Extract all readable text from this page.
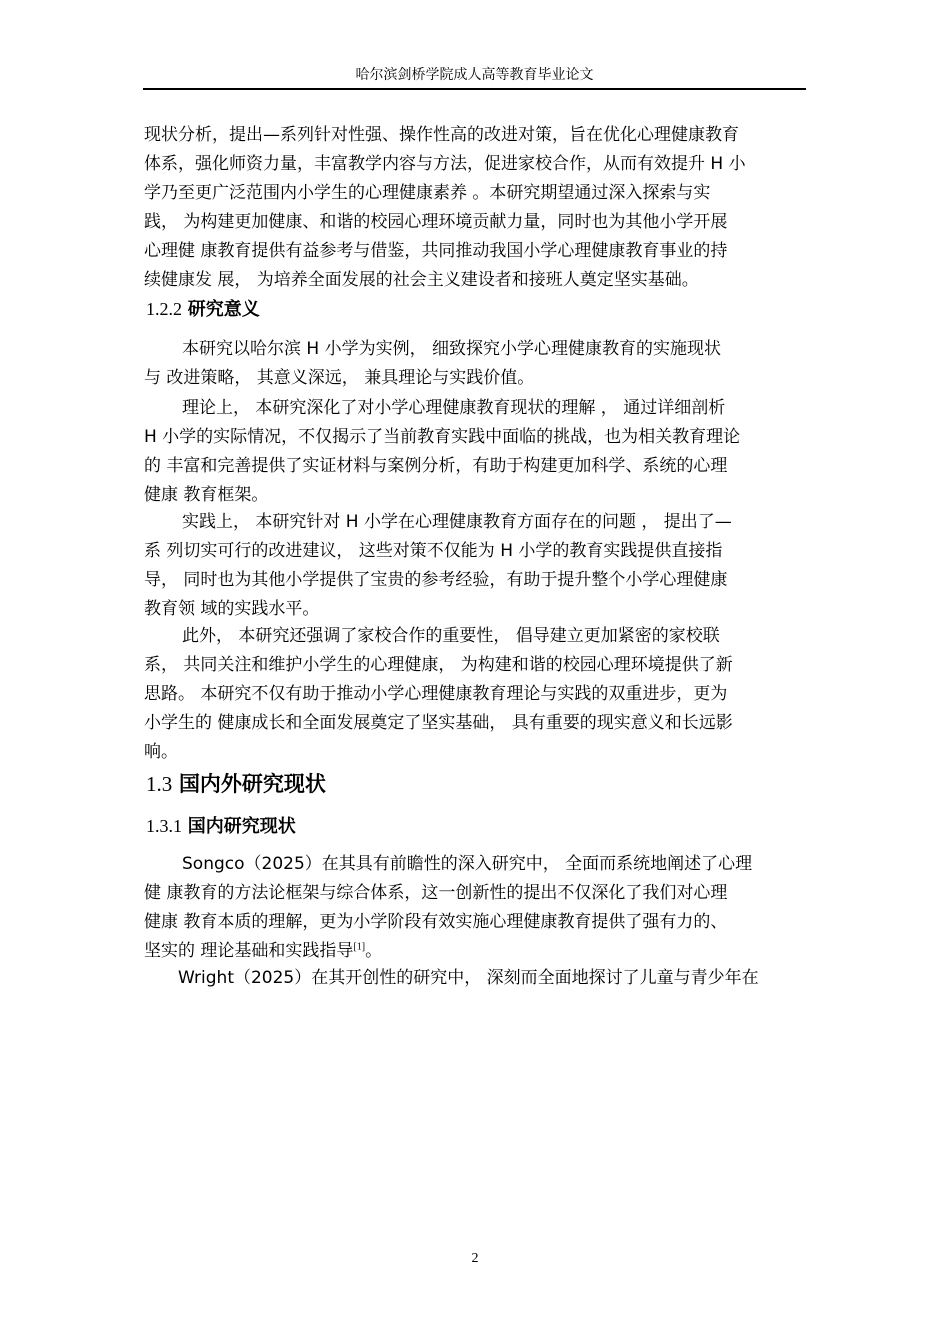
哈尔滨剑桥学院成人高等教育毕业论文
现状分析，提出—系列针对性强、操作性高的改进对策，旨在优化心理健康教育
体系，强化师资力量，丰富教学内容与方法，促进家校合作，从而有效提升 H 小
学乃至更广泛范围内小学生的心理健康素养 。本研究期望通过深入探索与实
践， 为构建更加健康、和谐的校园心理环境贡献力量，同时也为其他小学开展
心理健 康教育提供有益参考与借鉴，共同推动我国小学心理健康教育事业的持
续健康发 展， 为培养全面发展的社会主义建设者和接班人奠定坚实基础。
1.2.2 研究意义
本研究以哈尔滨 H 小学为实例， 细致探究小学心理健康教育的实施现状
与 改进策略， 其意义深远， 兼具理论与实践价值。
理论上， 本研究深化了对小学心理健康教育现状的理解 ， 通过详细剖析
H 小学的实际情况，不仅揭示了当前教育实践中面临的挑战，也为相关教育理论
的 丰富和完善提供了实证材料与案例分析，有助于构建更加科学、系统的心理
健康 教育框架。
实践上， 本研究针对 H 小学在心理健康教育方面存在的问题 ， 提出了—
系 列切实可行的改进建议， 这些对策不仅能为 H 小学的教育实践提供直接指
导， 同时也为其他小学提供了宝贵的参考经验，有助于提升整个小学心理健康
教育领 域的实践水平。
此外， 本研究还强调了家校合作的重要性， 倡导建立更加紧密的家校联
系， 共同关注和维护小学生的心理健康， 为构建和谐的校园心理环境提供了新
思路。 本研究不仅有助于推动小学心理健康教育理论与实践的双重进步，更为
小学生的 健康成长和全面发展奠定了坚实基础， 具有重要的现实意义和长远影
响。
1.3 国内外研究现状
1.3.1 国内研究现状
Songco（2025）在其具有前瞻性的深入研究中， 全面而系统地阐述了心理
健 康教育的方法论框架与综合体系，这一创新性的提出不仅深化了我们对心理
健康 教育本质的理解，更为小学阶段有效实施心理健康教育提供了强有力的、
坚实的 理论基础和实践指导[1]。
Wright（2025）在其开创性的研究中， 深刻而全面地探讨了儿童与青少年在
2
